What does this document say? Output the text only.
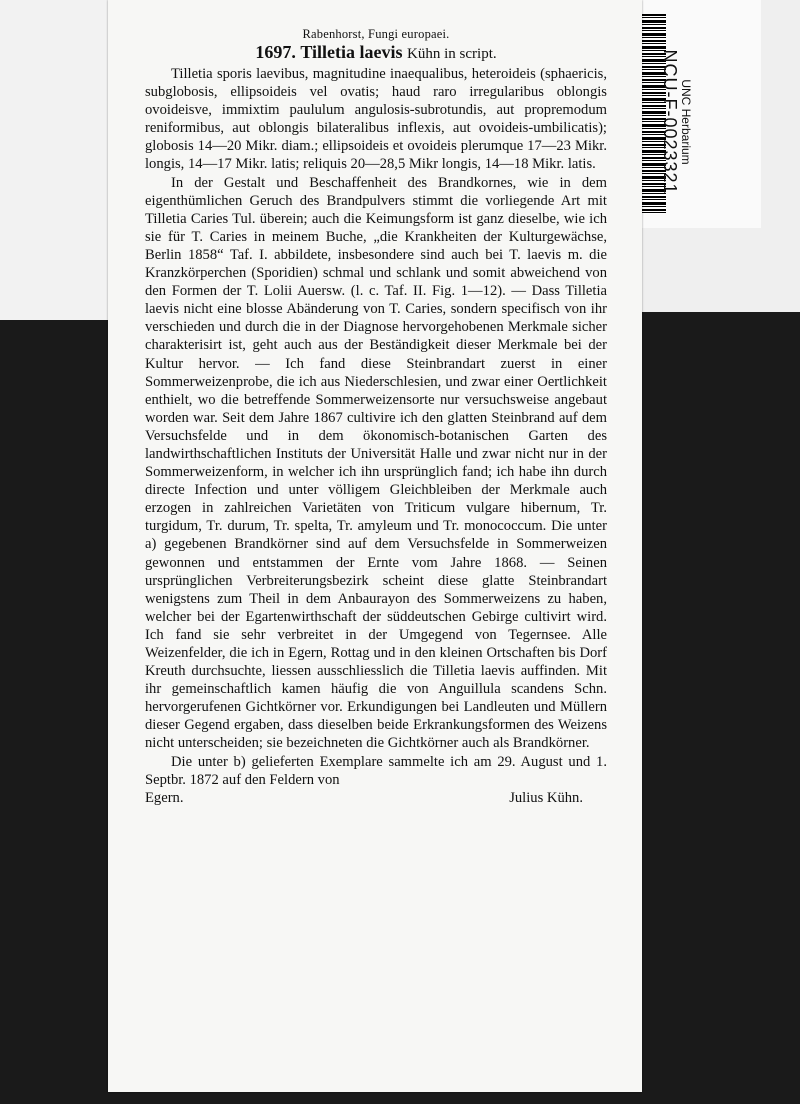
UNC Herbarium
NCU-F-0023321
Rabenhorst, Fungi europaei.
1697. Tilletia laevis Kühn in script.

Tilletia sporis laevibus, magnitudine inaequalibus, heteroideis (sphaericis, subglobosis, ellipsoideis vel ovatis; haud raro irregularibus oblongis ovoideisve, immixtim paululum angulosis-subrotundis, aut propremodum reniformibus, aut oblongis bilateralibus inflexis, aut ovoideis-umbilicatis); globosis 14—20 Mikr. diam.; ellipsoideis et ovoideis plerumque 17—23 Mikr. longis, 14—17 Mikr. latis; reliquis 20—28,5 Mikr longis, 14—18 Mikr. latis.

In der Gestalt und Beschaffenheit des Brandkornes, wie in dem eigenthümlichen Geruch des Brandpulvers stimmt die vorliegende Art mit Tilletia Caries Tul. überein; auch die Keimungsform ist ganz dieselbe, wie ich sie für T. Caries in meinem Buche, „die Krankheiten der Kulturgewächse, Berlin 1858“ Taf. I. abbildete, insbesondere sind auch bei T. laevis m. die Kranzkörperchen (Sporidien) schmal und schlank und somit abweichend von den Formen der T. Lolii Auersw. (l. c. Taf. II. Fig. 1—12). — Dass Tilletia laevis nicht eine blosse Abänderung von T. Caries, sondern specifisch von ihr verschieden und durch die in der Diagnose hervorgehobenen Merkmale sicher charakterisirt ist, geht auch aus der Beständigkeit dieser Merkmale bei der Kultur hervor. — Ich fand diese Steinbrandart zuerst in einer Sommerweizenprobe, die ich aus Niederschlesien, und zwar einer Oertlichkeit enthielt, wo die betreffende Sommerweizensorte nur versuchsweise angebaut worden war. Seit dem Jahre 1867 cultivire ich den glatten Steinbrand auf dem Versuchsfelde und in dem ökonomisch-botanischen Garten des landwirthschaftlichen Instituts der Universität Halle und zwar nicht nur in der Sommerweizenform, in welcher ich ihn ursprünglich fand; ich habe ihn durch directe Infection und unter völligem Gleichbleiben der Merkmale auch erzogen in zahlreichen Varietäten von Triticum vulgare hibernum, Tr. turgidum, Tr. durum, Tr. spelta, Tr. amyleum und Tr. monococcum. Die unter a) gegebenen Brandkörner sind auf dem Versuchsfelde in Sommerweizen gewonnen und entstammen der Ernte vom Jahre 1868. — Seinen ursprünglichen Verbreiterungsbezirk scheint diese glatte Steinbrandart wenigstens zum Theil in dem Anbaurayon des Sommerweizens zu haben, welcher bei der Egartenwirthschaft der süddeutschen Gebirge cultivirt wird. Ich fand sie sehr verbreitet in der Umgegend von Tegernsee. Alle Weizenfelder, die ich in Egern, Rottag und in den kleinen Ortschaften bis Dorf Kreuth durchsuchte, liessen ausschliesslich die Tilletia laevis auffinden. Mit ihr gemeinschaftlich kamen häufig die von Anguillula scandens Schn. hervorgerufenen Gichtkörner vor. Erkundigungen bei Landleuten und Müllern dieser Gegend ergaben, dass dieselben beide Erkrankungsformen des Weizens nicht unterscheiden; sie bezeichneten die Gichtkörner auch als Brandkörner.

Die unter b) gelieferten Exemplare sammelte ich am 29. August und 1. Septbr. 1872 auf den Feldern von

Egern.	Julius Kühn.
